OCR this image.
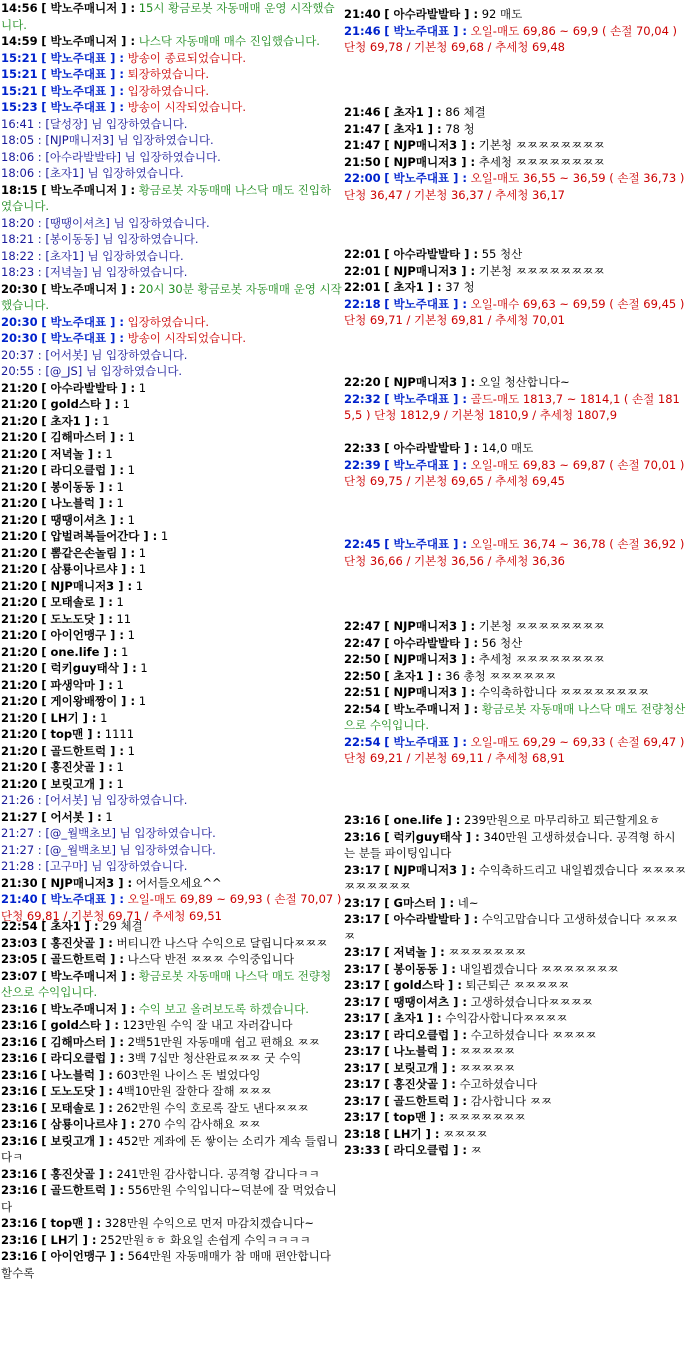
14:56 [ 박노주매니저 ] : 15시 황금로봇 자동매매 운영 시작했습니다.
14:59 [ 박노주매니저 ] : 나스닥 자동매매 매수 진입했습니다.
15:21 [ 박노주대표 ] : 방송이 종료되었습니다.
15:21 [ 박노주대표 ] : 퇴장하였습니다.
15:21 [ 박노주대표 ] : 입장하였습니다.
15:23 [ 박노주대표 ] : 방송이 시작되었습니다.
16:41 : [달성장] 님 입장하였습니다.
18:05 : [NJP매니저3] 님 입장하였습니다.
18:06 : [아수라발발타] 님 입장하였습니다.
18:06 : [초자1] 님 입장하였습니다.
18:15 [ 박노주매니저 ] : 황금로봇 자동매매 나스닥 매도 진입하였습니다.
18:20 : [땡땡이셔츠] 님 입장하였습니다.
18:21 : [봉이동동] 님 입장하였습니다.
18:22 : [초자1] 님 입장하였습니다.
18:23 : [저녁놀] 님 입장하였습니다.
20:30 [ 박노주매니저 ] : 20시 30분 황금로봇 자동매매 운영 시작했습니다.
20:30 [ 박노주대표 ] : 입장하였습니다.
20:30 [ 박노주대표 ] : 방송이 시작되었습니다.
20:37 : [어서봇] 님 입장하였습니다.
20:55 : [@_JS] 님 입장하였습니다.
21:20 [ 아수라발발타 ] : 1
21:20 [ gold스타 ] : 1
21:20 [ 초자1 ] : 1
21:20 [ 김해마스터 ] : 1
21:20 [ 저녁놀 ] : 1
21:20 [ 라디오클럽 ] : 1
21:20 [ 봉이동동 ] : 1
21:20 [ 나노블럭 ] : 1
21:20 [ 땡땡이셔츠 ] : 1
21:20 [ 압벌려복들어간다 ] : 1
21:20 [ 뽐같은손놀림 ] : 1
21:20 [ 삼룡이나르샤 ] : 1
21:20 [ NJP매니저3 ] : 1
21:20 [ 모태솔로 ] : 1
21:20 [ 도노도닷 ] : 11
21:20 [ 아이언맹구 ] : 1
21:20 [ one.life ] : 1
21:20 [ 럭키guy태삭 ] : 1
21:20 [ 파생악마 ] : 1
21:20 [ 게이왕배짱이 ] : 1
21:20 [ LH기 ] : 1
21:20 [ top맨 ] : 1111
21:20 [ 골드한트럭 ] : 1
21:20 [ 홍진삿골 ] : 1
21:20 [ 보릿고개 ] : 1
21:26 : [어서봇] 님 입장하였습니다.
21:27 [ 어서봇 ] : 1
21:27 : [@_월백초보] 님 입장하였습니다.
21:27 : [@_월백초보] 님 입장하였습니다.
21:28 : [고구마] 님 입장하였습니다.
21:30 [ NJP매니저3 ] : 어서들오세요^^
21:40 [ 박노주대표 ] : 오일-매도 69,89 ~ 69,93 ( 손절 70,07 ) 단청 69,81 / 기본청 69,71 / 추세청 69,51
22:54 [ 초자1 ] : 29 체결
23:03 [ 홍진삿골 ] : 버티니깐 나스닥 수익으로 달립니다ㅉㅉㅉ
23:05 [ 골드한트럭 ] : 나스닥 반전 ㅉㅉㅉ 수익중입니다
23:07 [ 박노주매니저 ] : 황금로봇 자동매매 나스닥 매도 전량청산으로 수익입니다.
23:16 [ 박노주매니저 ] : 수익 보고 올려보도록 하겠습니다.
23:16 [ gold스타 ] : 123만원 수익 잘 내고 자러갑니다
23:16 [ 김해마스터 ] : 2백51만원 자동매매 쉽고 편해요 ㅉㅉ
23:16 [ 라디오클럽 ] : 3백 7십만 청산완료ㅉㅉㅉ 굿 수익
23:16 [ 나노블럭 ] : 603만원 나이스 돈 벌었다잉
23:16 [ 도노도닷 ] : 4백10만원 잘한다 잘해 ㅉㅉㅉ
23:16 [ 모태솔로 ] : 262만원 수익 호로록 잘도 낸다ㅉㅉㅉ
23:16 [ 삼룡이나르샤 ] : 270 수익 감사해요 ㅉㅉ
23:16 [ 보릿고개 ] : 452만 계좌에 돈 쌓이는 소리가 계속 들립니다ㅋ
23:16 [ 홍진삿골 ] : 241만원 감사합니다. 공격형 갑니다ㅋㅋ
23:16 [ 골드한트럭 ] : 556만원 수익입니다~덕분에 잘 먹었습니다
23:16 [ top맨 ] : 328만원 수익으로 먼저 마감치겠습니다~
23:16 [ LH기 ] : 252만원ㅎㅎ 화요일 손쉽게 수익ㅋㅋㅋㅋ
23:16 [ 아이언맹구 ] : 564만원 자동매매가 참 매매 편안합니다 할수록
21:40 [ 아수라발발타 ] : 92 매도
21:46 [ 박노주대표 ] : 오일-매도 69,86 ~ 69,9 ( 손절 70,04 ) 단청 69,78 / 기본청 69,68 / 추세청 69,48
21:46 [ 초자1 ] : 86 체결
21:47 [ 초자1 ] : 78 청
21:47 [ NJP매니저3 ] : 기본청 ㅉㅉㅉㅉㅉㅉㅉㅉ
21:50 [ NJP매니저3 ] : 추세청 ㅉㅉㅉㅉㅉㅉㅉㅉ
22:00 [ 박노주대표 ] : 오일-매도 36,55 ~ 36,59 ( 손절 36,73 ) 단청 36,47 / 기본청 36,37 / 추세청 36,17
22:01 [ 아수라발발타 ] : 55 청산
22:01 [ NJP매니저3 ] : 기본청 ㅉㅉㅉㅉㅉㅉㅉㅉ
22:01 [ 초자1 ] : 37 청
22:18 [ 박노주대표 ] : 오일-매수 69,63 ~ 69,59 ( 손절 69,45 ) 단청 69,71 / 기본청 69,81 / 추세청 70,01
22:20 [ NJP매니저3 ] : 오일 청산합니다~
22:32 [ 박노주대표 ] : 골드-매도 1813,7 ~ 1814,1 ( 손절 1815,5 ) 단청 1812,9 / 기본청 1810,9 / 추세청 1807,9
22:33 [ 아수라발발타 ] : 14,0 매도
22:39 [ 박노주대표 ] : 오일-매도 69,83 ~ 69,87 ( 손절 70,01 ) 단청 69,75 / 기본청 69,65 / 추세청 69,45
22:45 [ 박노주대표 ] : 오일-매도 36,74 ~ 36,78 ( 손절 36,92 ) 단청 36,66 / 기본청 36,56 / 추세청 36,36
22:47 [ NJP매니저3 ] : 기본청 ㅉㅉㅉㅉㅉㅉㅉㅉ
22:47 [ 아수라발발타 ] : 56 청산
22:50 [ NJP매니저3 ] : 추세청 ㅉㅉㅉㅉㅉㅉㅉㅉ
22:50 [ 초자1 ] : 36 총청 ㅉㅉㅉㅉㅉㅉ
22:51 [ NJP매니저3 ] : 수익축하합니다 ㅉㅉㅉㅉㅉㅉㅉㅉ
22:54 [ 박노주매니저 ] : 황금로봇 자동매매 나스닥 매도 전량청산으로 수익입니다.
22:54 [ 박노주대표 ] : 오일-매도 69,29 ~ 69,33 ( 손절 69,47 ) 단청 69,21 / 기본청 69,11 / 추세청 68,91
23:16 [ one.life ] : 239만원으로 마무리하고 퇴근할게요ㅎ
23:16 [ 럭키guy태삭 ] : 340만원 고생하셨습니다. 공격형 하시는 분들 파이팅입니다
23:17 [ NJP매니저3 ] : 수익축하드리고 내일뵙겠습니다 ㅉㅉㅉㅉㅉㅉㅉㅉㅉㅉ
23:17 [ G마스터 ] : 네~
23:17 [ 아수라발발타 ] : 수익고맙습니다 고생하셨습니다 ㅉㅉㅉㅉ
23:17 [ 저녁놀 ] : ㅉㅉㅉㅉㅉㅉㅉ
23:17 [ 봉이동동 ] : 내일뵙겠습니다 ㅉㅉㅉㅉㅉㅉㅉ
23:17 [ gold스타 ] : 퇴근퇴근 ㅉㅉㅉㅉㅉ
23:17 [ 땡땡이셔츠 ] : 고생하셨습니다ㅉㅉㅉㅉ
23:17 [ 초자1 ] : 수익감사합니다ㅉㅉㅉㅉ
23:17 [ 라디오클럽 ] : 수고하셨습니다 ㅉㅉㅉㅉ
23:17 [ 나노블럭 ] : ㅉㅉㅉㅉㅉ
23:17 [ 보릿고개 ] : ㅉㅉㅉㅉㅉ
23:17 [ 홍진삿골 ] : 수고하셨습니다
23:17 [ 골드한트럭 ] : 감사합니다 ㅉㅉ
23:17 [ top맨 ] : ㅉㅉㅉㅉㅉㅉㅉ
23:18 [ LH기 ] : ㅉㅉㅉㅉ
23:33 [ 라디오클럽 ] : ㅉ
